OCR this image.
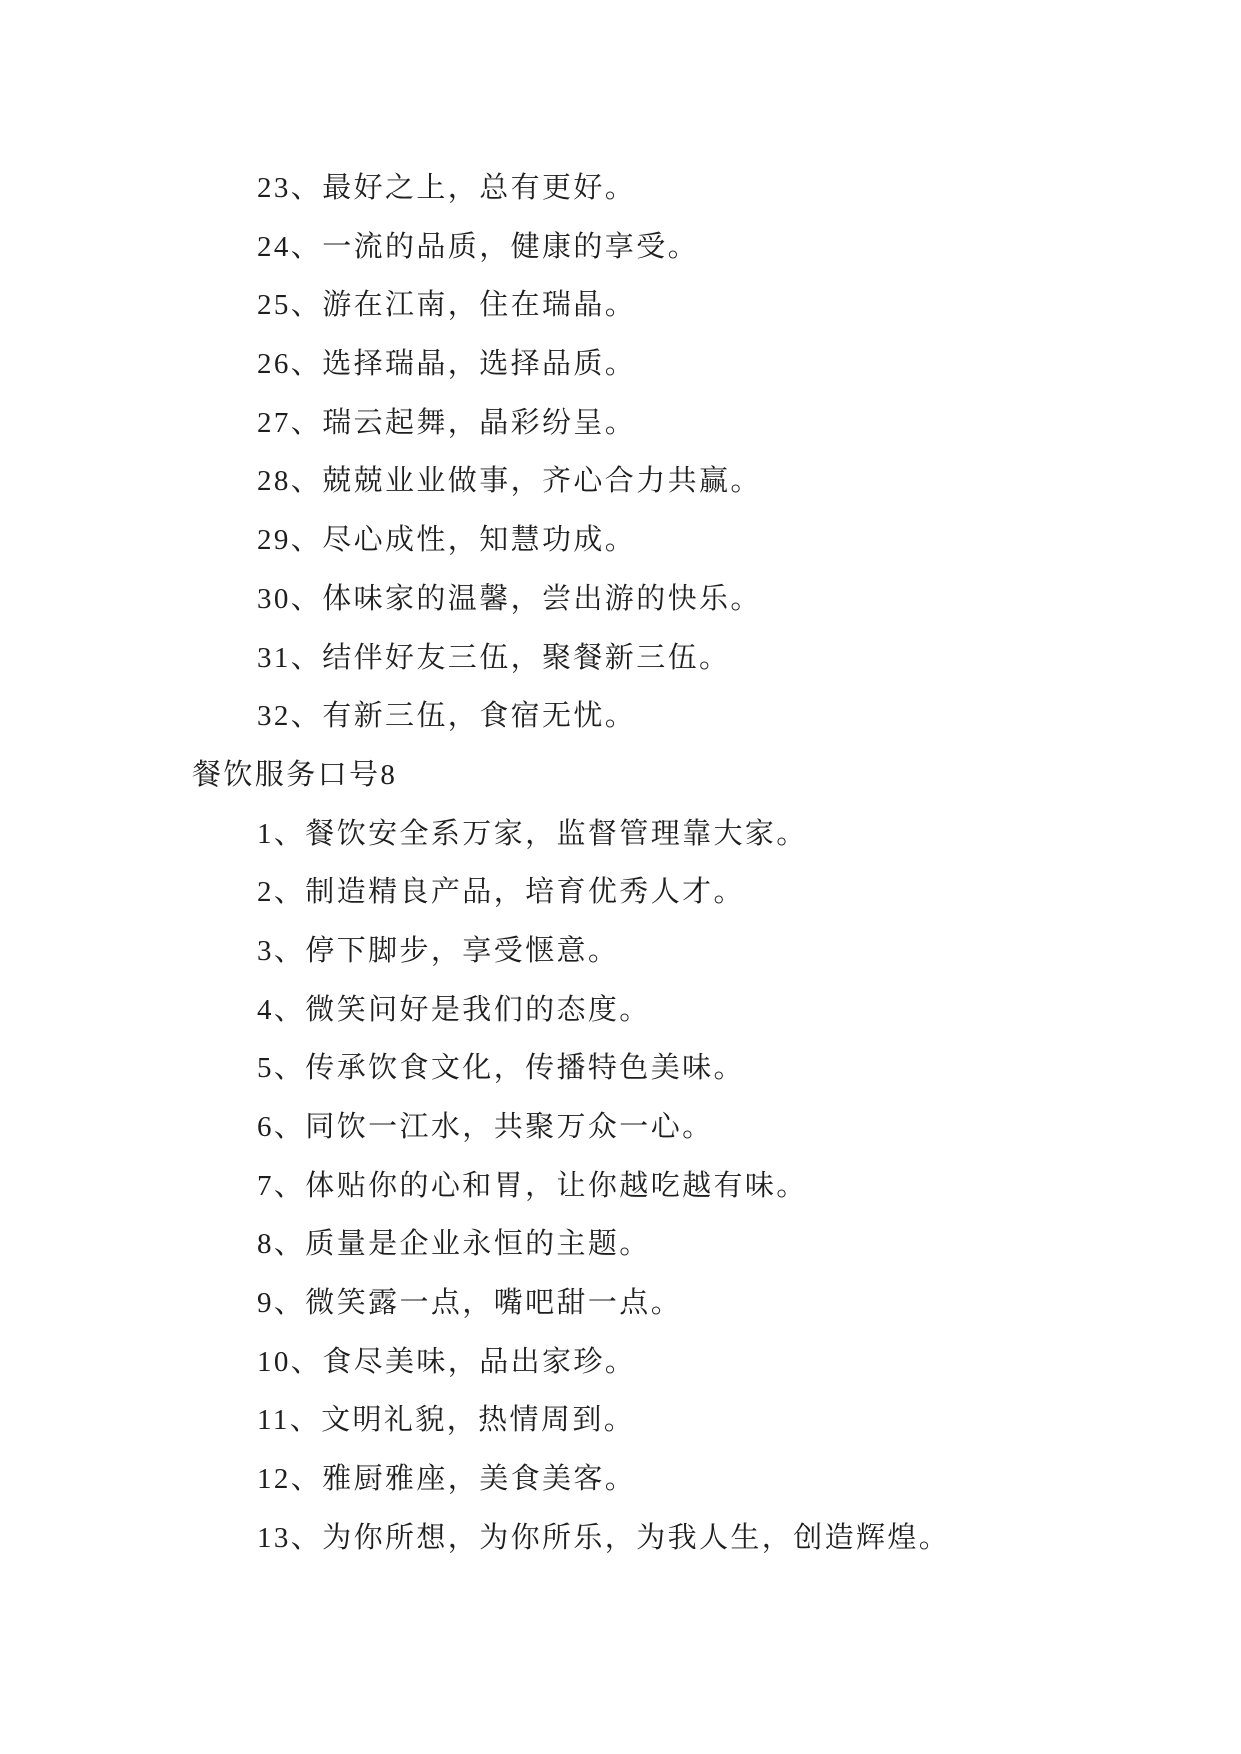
23、最好之上，总有更好。
24、一流的品质，健康的享受。
25、游在江南，住在瑞晶。
26、选择瑞晶，选择品质。
27、瑞云起舞，晶彩纷呈。
28、兢兢业业做事，齐心合力共赢。
29、尽心成性，知慧功成。
30、体味家的温馨，尝出游的快乐。
31、结伴好友三伍，聚餐新三伍。
32、有新三伍，食宿无忧。
餐饮服务口号8
1、餐饮安全系万家，监督管理靠大家。
2、制造精良产品，培育优秀人才。
3、停下脚步，享受惬意。
4、微笑问好是我们的态度。
5、传承饮食文化，传播特色美味。
6、同饮一江水，共聚万众一心。
7、体贴你的心和胃，让你越吃越有味。
8、质量是企业永恒的主题。
9、微笑露一点，嘴吧甜一点。
10、食尽美味，品出家珍。
11、文明礼貌，热情周到。
12、雅厨雅座，美食美客。
13、为你所想，为你所乐，为我人生，创造辉煌。
